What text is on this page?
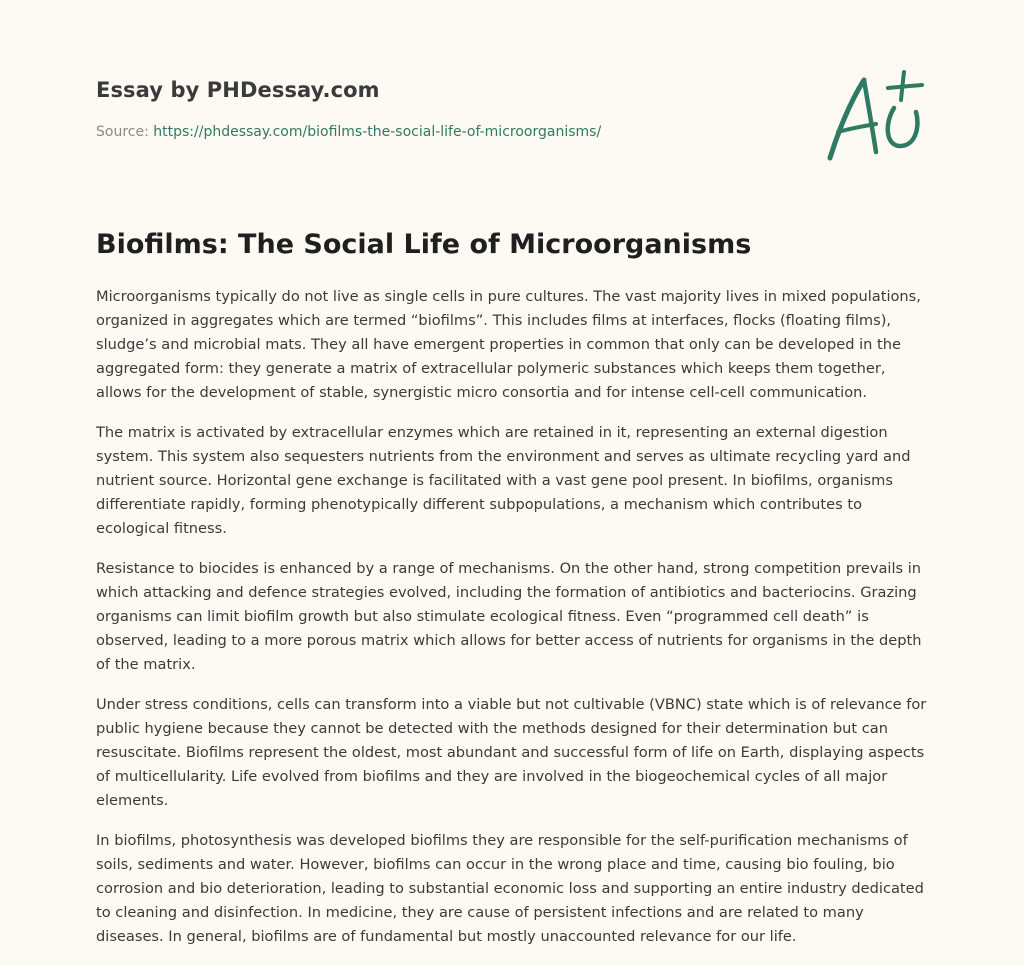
Essay by PHDessay.com
Source: https://phdessay.com/biofilms-the-social-life-of-microorganisms/
Biofilms: The Social Life of Microorganisms

Microorganisms typically do not live as single cells in pure cultures. The vast majority lives in mixed populations, organized in aggregates which are termed “biofilms”. This includes films at interfaces, flocks (floating films), sludge’s and microbial mats. They all have emergent properties in common that only can be developed in the aggregated form: they generate a matrix of extracellular polymeric substances which keeps them together, allows for the development of stable, synergistic micro consortia and for intense cell-cell communication.

The matrix is activated by extracellular enzymes which are retained in it, representing an external digestion system. This system also sequesters nutrients from the environment and serves as ultimate recycling yard and nutrient source. Horizontal gene exchange is facilitated with a vast gene pool present. In biofilms, organisms differentiate rapidly, forming phenotypically different subpopulations, a mechanism which contributes to ecological fitness.

Resistance to biocides is enhanced by a range of mechanisms. On the other hand, strong competition prevails in which attacking and defence strategies evolved, including the formation of antibiotics and bacteriocins. Grazing organisms can limit biofilm growth but also stimulate ecological fitness. Even “programmed cell death” is observed, leading to a more porous matrix which allows for better access of nutrients for organisms in the depth of the matrix.

Under stress conditions, cells can transform into a viable but not cultivable (VBNC) state which is of relevance for public hygiene because they cannot be detected with the methods designed for their determination but can resuscitate. Biofilms represent the oldest, most abundant and successful form of life on Earth, displaying aspects of multicellularity. Life evolved from biofilms and they are involved in the biogeochemical cycles of all major elements.

In biofilms, photosynthesis was developed biofilms they are responsible for the self-purification mechanisms of soils, sediments and water. However, biofilms can occur in the wrong place and time, causing bio fouling, bio corrosion and bio deterioration, leading to substantial economic loss and supporting an entire industry dedicated to cleaning and disinfection. In medicine, they are cause of persistent infections and are related to many diseases. In general, biofilms are of fundamental but mostly unaccounted relevance for our life.
